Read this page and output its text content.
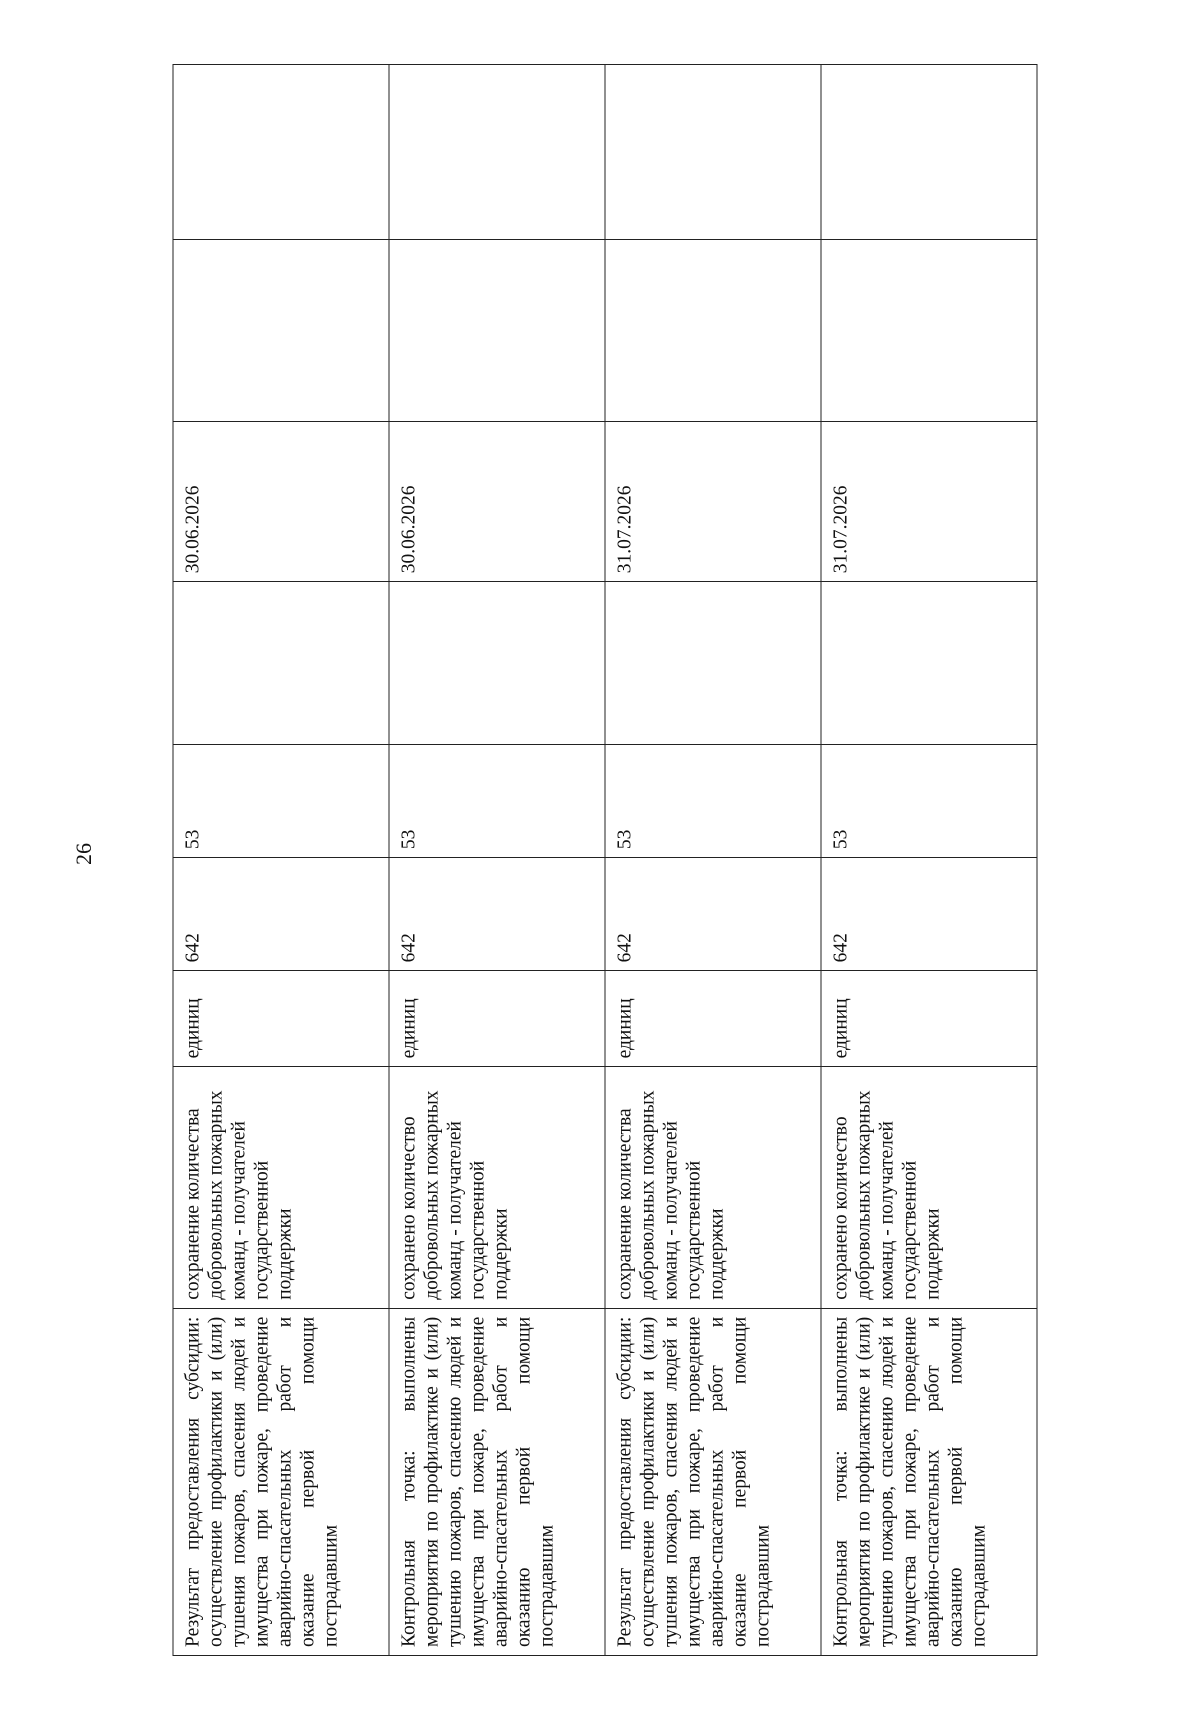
26
Результат предоставления субсидии: осуществление профилактики и (или) тушения пожаров, спасения людей и имущества при пожаре, проведение аварийно-спасательных работ и оказание первой помощи пострадавшим	сохранение количества добровольных пожарных команд - получателей государственной поддержки	единиц	642	53		30.06.2026		
Контрольная точка: выполнены мероприятия по профилактике и (или) тушению пожаров, спасению людей и имущества при пожаре, проведение аварийно-спасательных работ и оказанию первой помощи пострадавшим	сохранено количество добровольных пожарных команд - получателей государственной поддержки	единиц	642	53		30.06.2026		
Результат предоставления субсидии: осуществление профилактики и (или) тушения пожаров, спасения людей и имущества при пожаре, проведение аварийно-спасательных работ и оказание первой помощи пострадавшим	сохранение количества добровольных пожарных команд - получателей государственной поддержки	единиц	642	53		31.07.2026		
Контрольная точка: выполнены мероприятия по профилактике и (или) тушению пожаров, спасению людей и имущества при пожаре, проведение аварийно-спасательных работ и оказанию первой помощи пострадавшим	сохранено количество добровольных пожарных команд - получателей государственной поддержки	единиц	642	53		31.07.2026		
